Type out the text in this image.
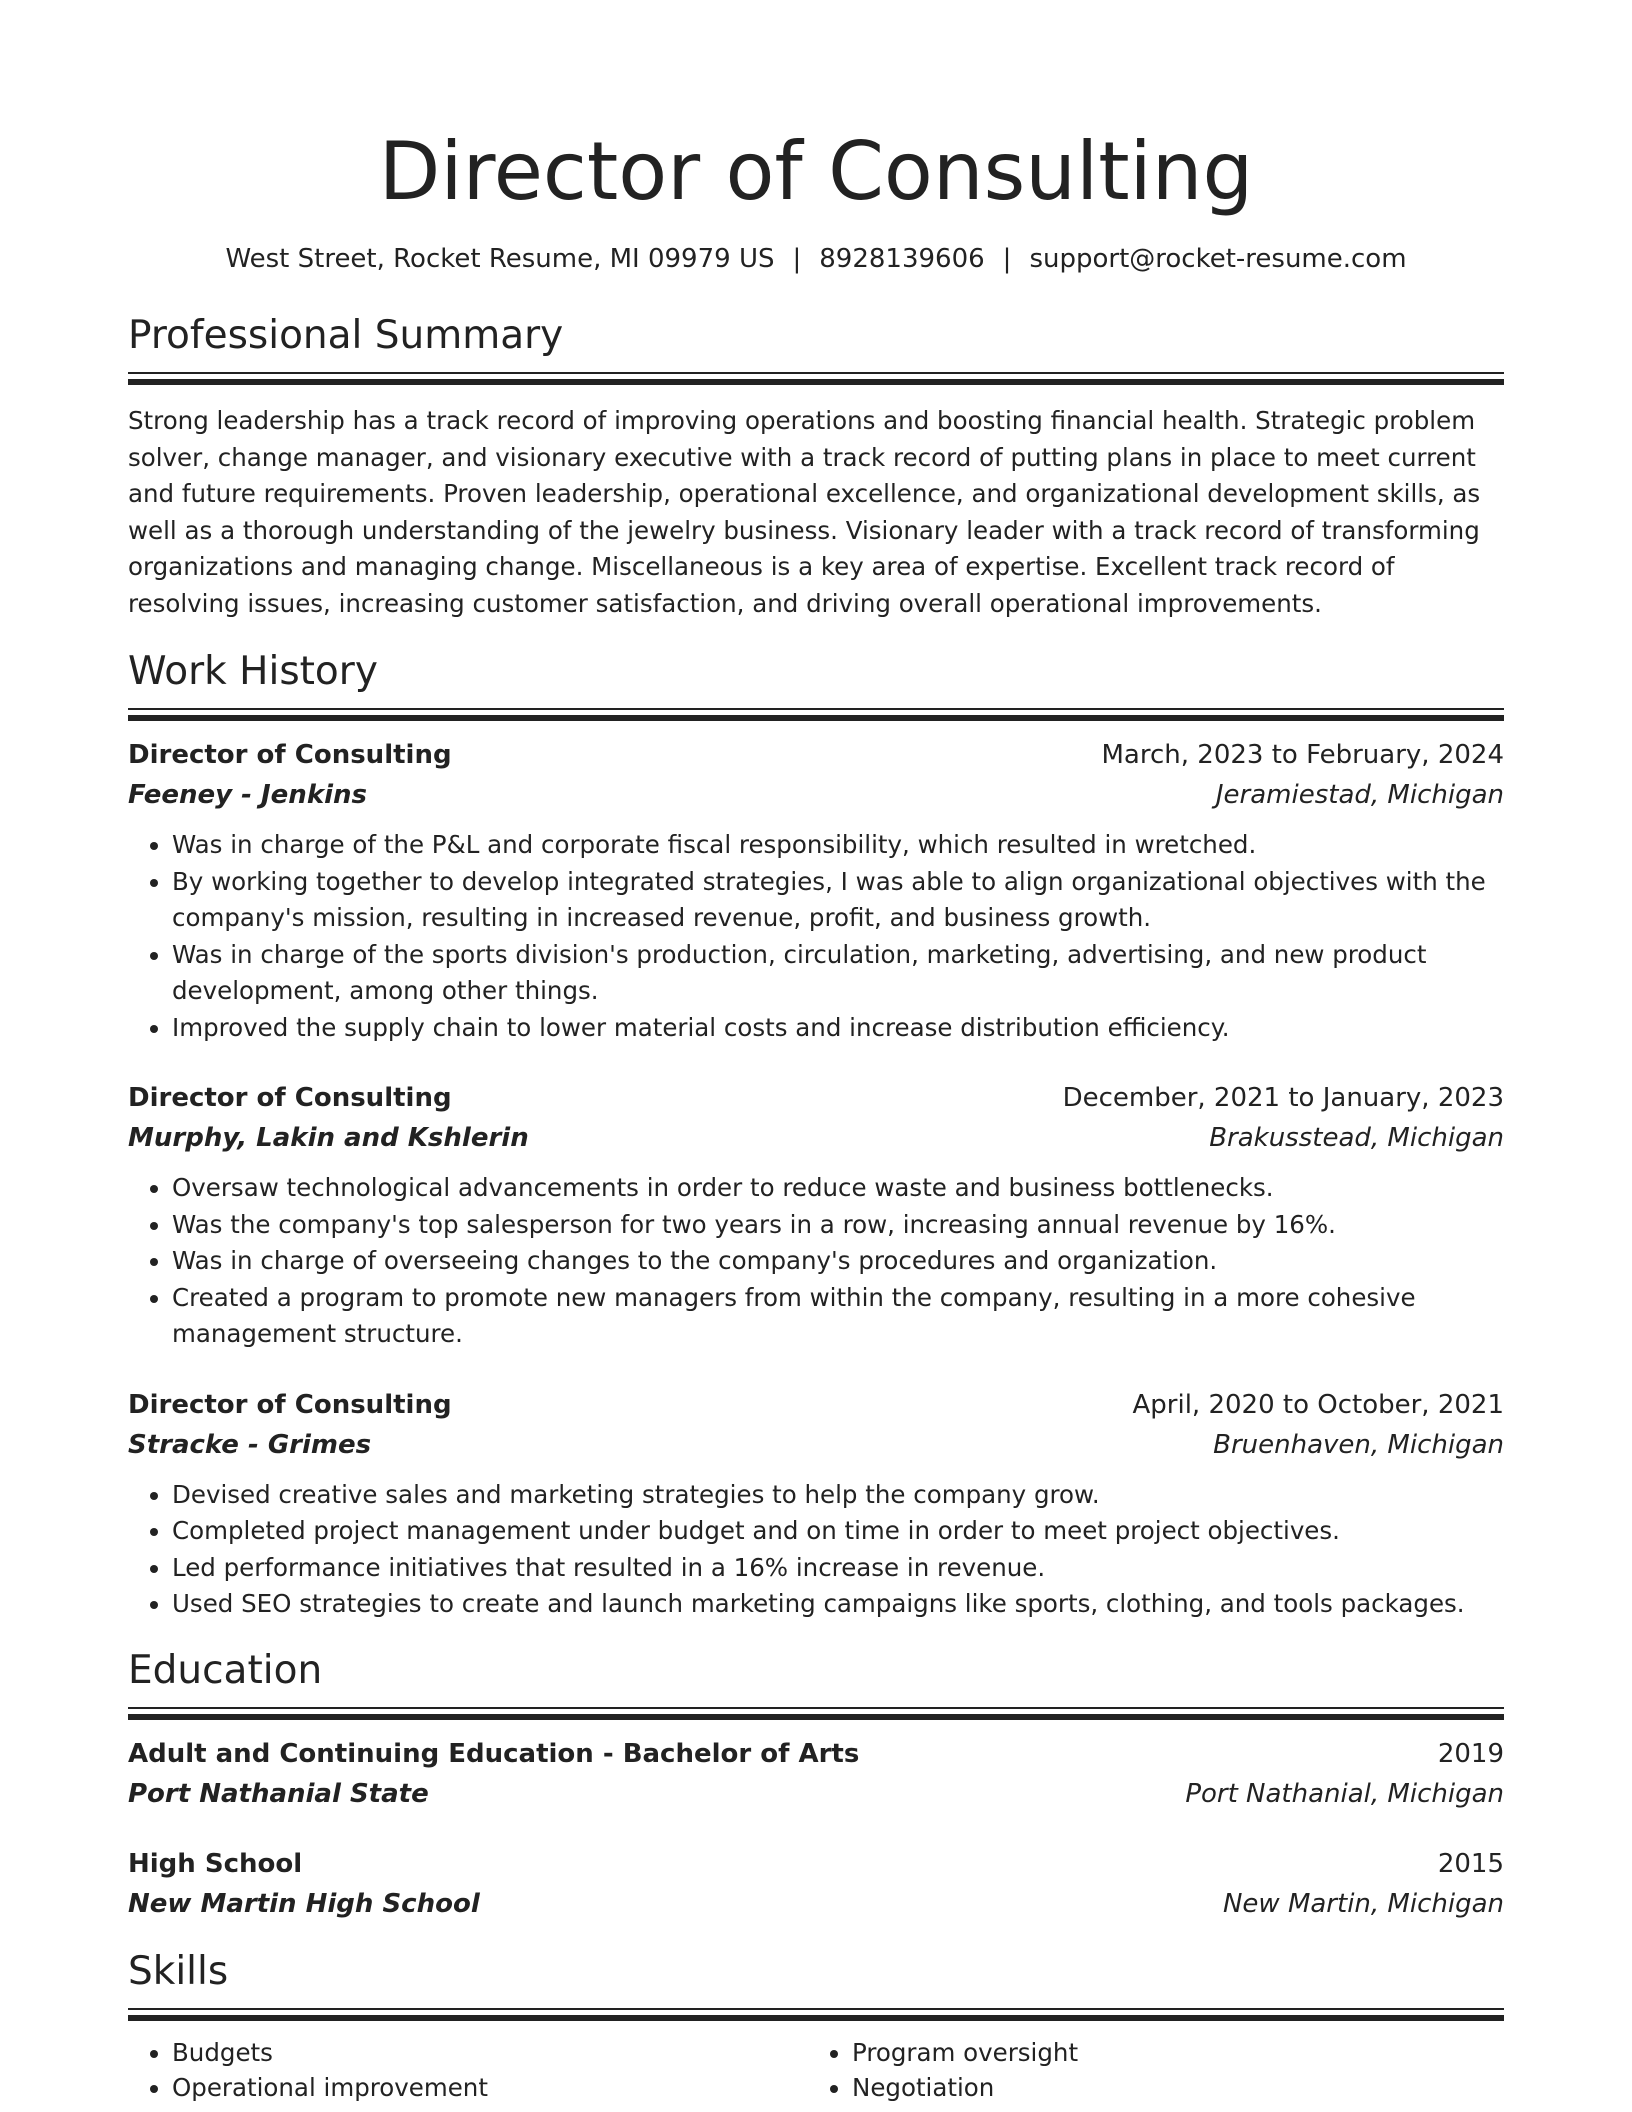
Director of Consulting
West Street, Rocket Resume, MI 09979 US | 8928139606 | support@rocket-resume.com
Professional Summary
Strong leadership has a track record of improving operations and boosting financial health. Strategic problem solver, change manager, and visionary executive with a track record of putting plans in place to meet current and future requirements. Proven leadership, operational excellence, and organizational development skills, as well as a thorough understanding of the jewelry business. Visionary leader with a track record of transforming organizations and managing change. Miscellaneous is a key area of expertise. Excellent track record of resolving issues, increasing customer satisfaction, and driving overall operational improvements.
Work History
Director of Consulting	March, 2023 to February, 2024
Feeney - Jenkins	Jeramiestad, Michigan
• Was in charge of the P&L and corporate fiscal responsibility, which resulted in wretched.
• By working together to develop integrated strategies, I was able to align organizational objectives with the company's mission, resulting in increased revenue, profit, and business growth.
• Was in charge of the sports division's production, circulation, marketing, advertising, and new product development, among other things.
• Improved the supply chain to lower material costs and increase distribution efficiency.
Director of Consulting	December, 2021 to January, 2023
Murphy, Lakin and Kshlerin	Brakusstead, Michigan
• Oversaw technological advancements in order to reduce waste and business bottlenecks.
• Was the company's top salesperson for two years in a row, increasing annual revenue by 16%.
• Was in charge of overseeing changes to the company's procedures and organization.
• Created a program to promote new managers from within the company, resulting in a more cohesive management structure.
Director of Consulting	April, 2020 to October, 2021
Stracke - Grimes	Bruenhaven, Michigan
• Devised creative sales and marketing strategies to help the company grow.
• Completed project management under budget and on time in order to meet project objectives.
• Led performance initiatives that resulted in a 16% increase in revenue.
• Used SEO strategies to create and launch marketing campaigns like sports, clothing, and tools packages.
Education
Adult and Continuing Education - Bachelor of Arts	2019
Port Nathanial State	Port Nathanial, Michigan
High School	2015
New Martin High School	New Martin, Michigan
Skills
• Budgets
• Operational improvement
• Program oversight
• Negotiation
